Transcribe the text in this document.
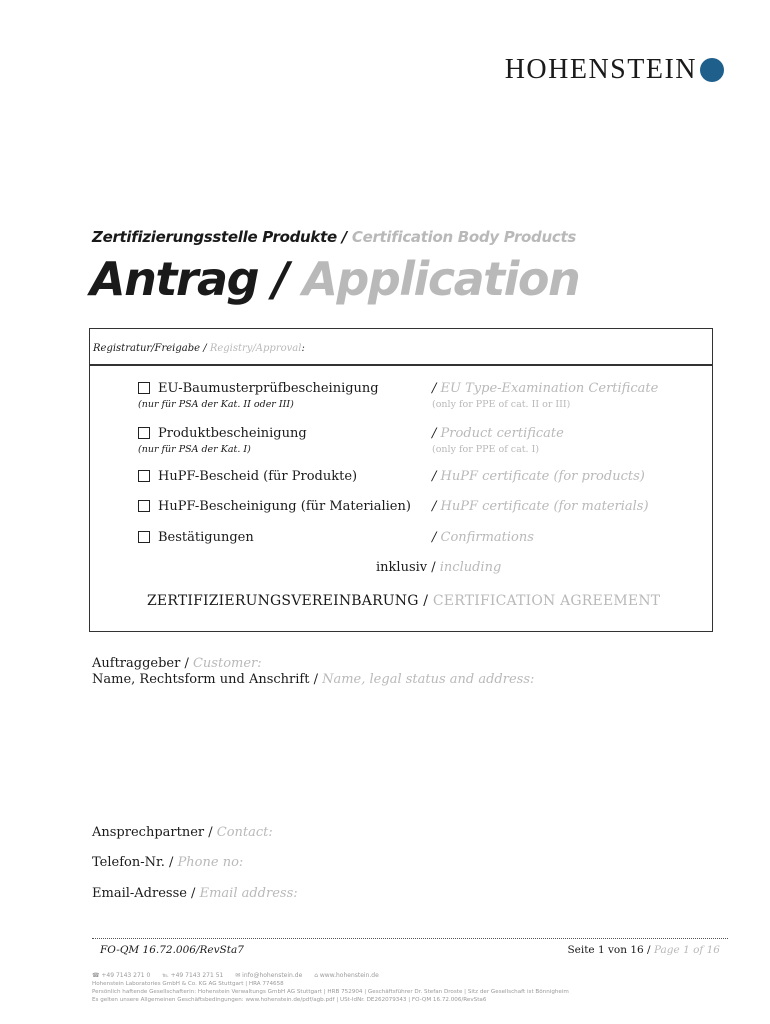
HOHENSTEIN
Zertifizierungsstelle Produkte / Certification Body Products
Antrag / Application
Registratur/Freigabe / Registry/Approval:
EU-Baumusterprüfbescheinigung	/ EU Type-Examination Certificate
(nur für PSA der Kat. II oder III)	(only for PPE of cat. II or III)
Produktbescheinigung	/ Product certificate
(nur für PSA der Kat. I)	(only for PPE of cat. I)
HuPF-Bescheid (für Produkte)	/ HuPF certificate (for products)
HuPF-Bescheinigung (für Materialien) / HuPF certificate (for materials)
Bestätigungen	/ Confirmations
inklusiv / including
ZERTIFIZIERUNGSVEREINBARUNG / CERTIFICATION AGREEMENT
Auftraggeber / Customer:
Name, Rechtsform und Anschrift / Name, legal status and address:
Ansprechpartner / Contact:
Telefon-Nr. / Phone no:
Email-Adresse / Email address:
FO-QM 16.72.006/RevSta7	Seite 1 von 16 / Page 1 of 16
☎ +49 7143 271 0 ℡ +49 7143 271 51 ✉ info@hohenstein.de ⌂ www.hohenstein.de
Hohenstein Laboratories GmbH & Co. KG AG Stuttgart | HRA 774658
Persönlich haftende Gesellschafterin: Hohenstein Verwaltungs GmbH AG Stuttgart | HRB 752904 | Geschäftsführer Dr. Stefan Droste | Sitz der Gesellschaft ist Bönnigheim
Es gelten unsere Allgemeinen Geschäftsbedingungen: www.hohenstein.de/pdf/agb.pdf | USt-IdNr. DE262079343 | FO-QM 16.72.006/RevSta6
